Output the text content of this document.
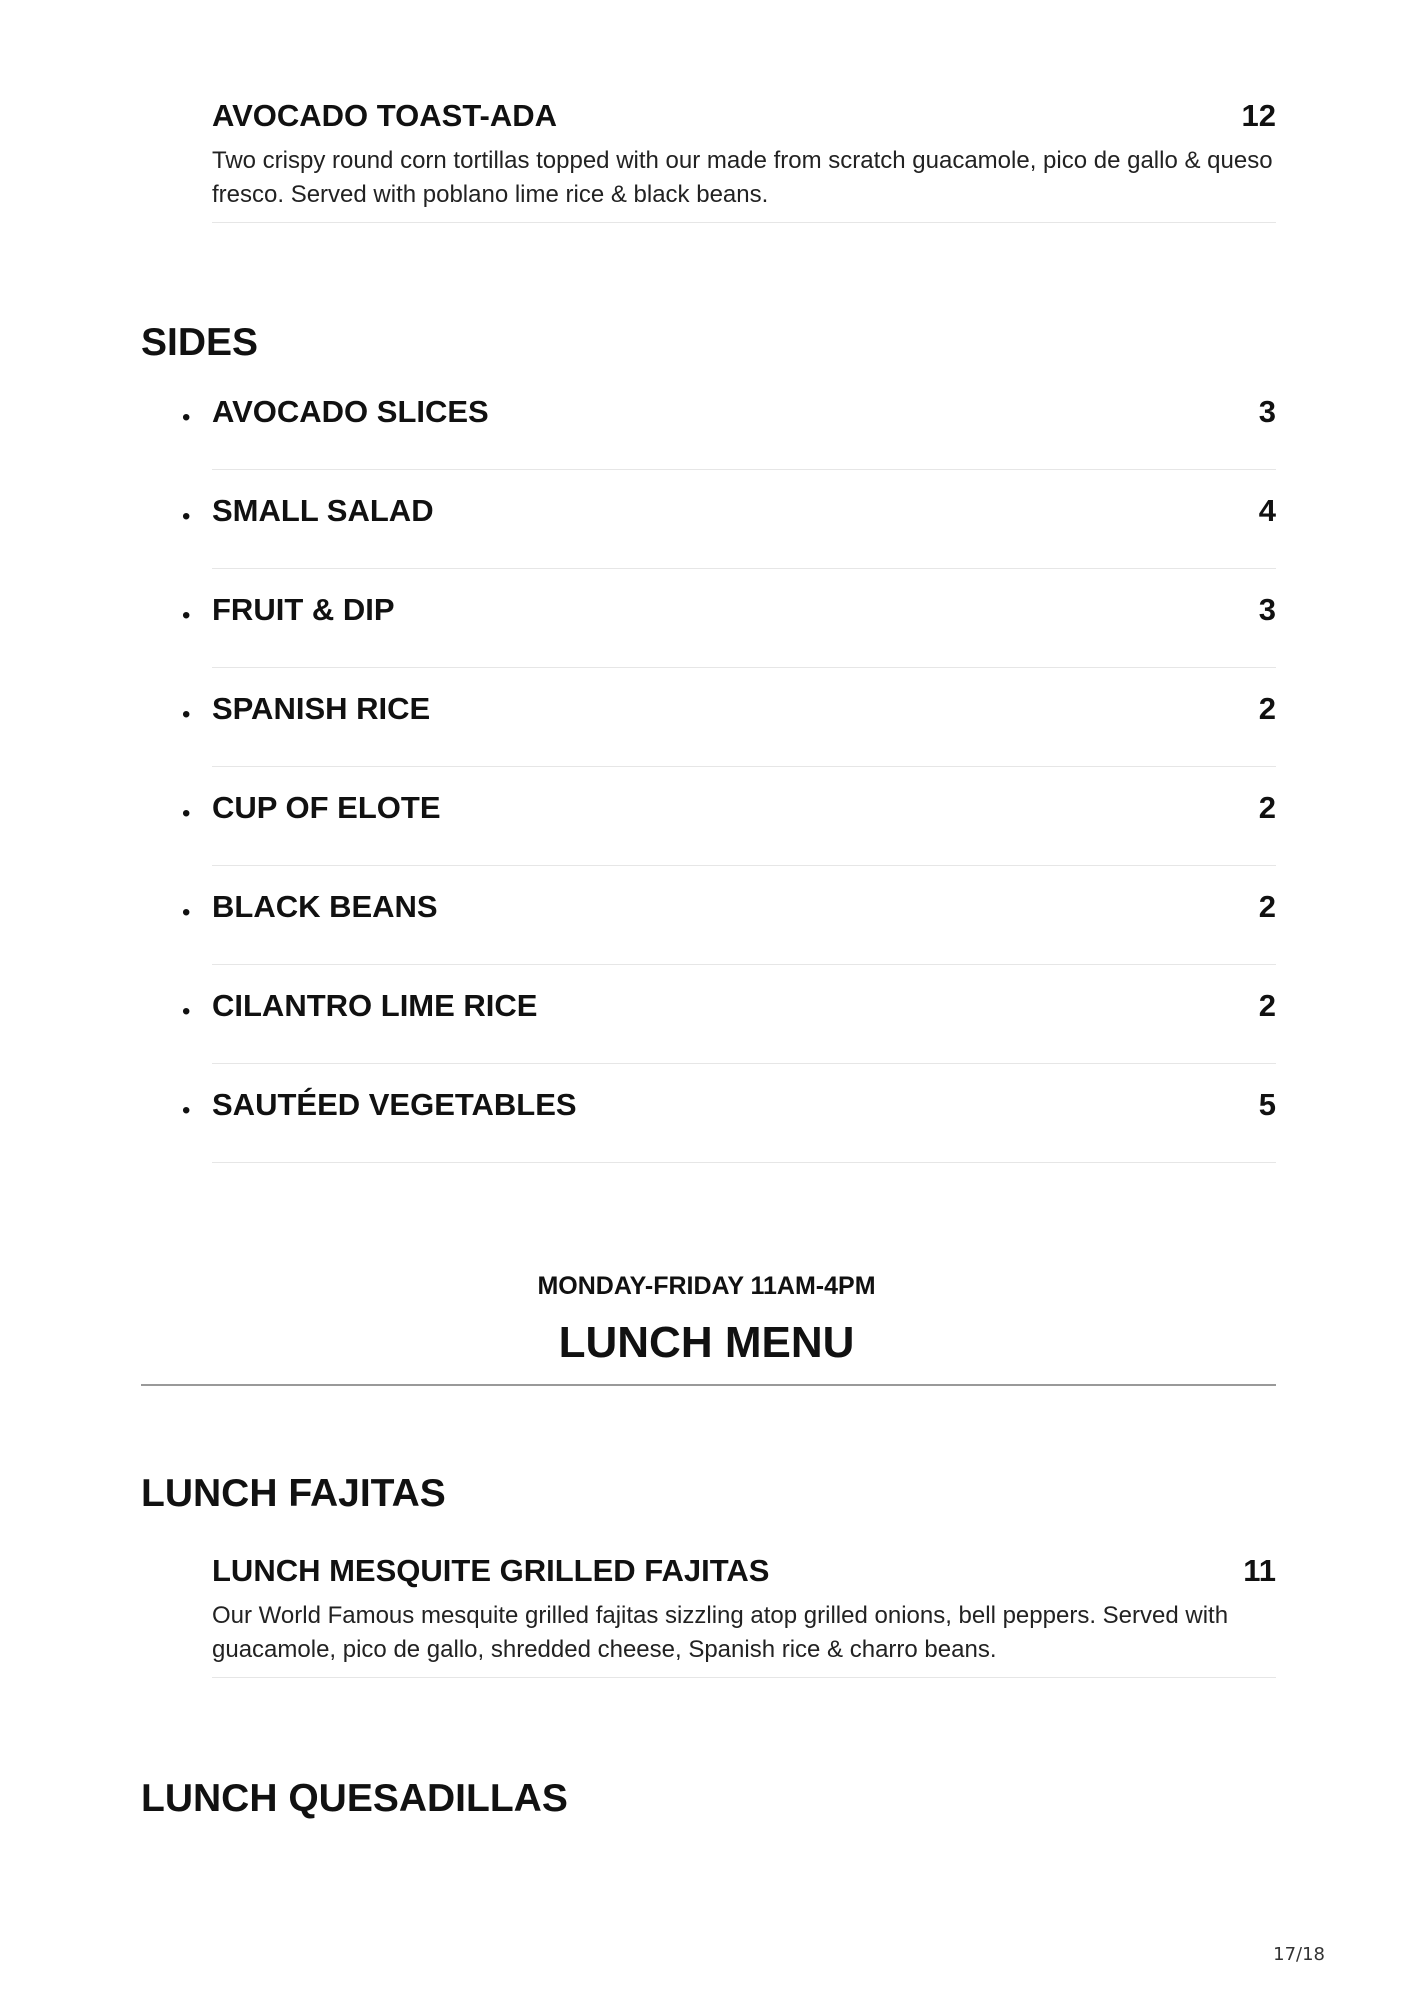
AVOCADO TOAST-ADA	12
Two crispy round corn tortillas topped with our made from scratch guacamole, pico de gallo & queso fresco. Served with poblano lime rice & black beans.
SIDES
• AVOCADO SLICES	3
• SMALL SALAD	4
• FRUIT & DIP	3
• SPANISH RICE	2
• CUP OF ELOTE	2
• BLACK BEANS	2
• CILANTRO LIME RICE	2
• SAUTÉED VEGETABLES	5

MONDAY-FRIDAY 11AM-4PM

LUNCH MENU
LUNCH FAJITAS
LUNCH MESQUITE GRILLED FAJITAS	11
Our World Famous mesquite grilled fajitas sizzling atop grilled onions, bell peppers. Served with guacamole, pico de gallo, shredded cheese, Spanish rice & charro beans.
LUNCH QUESADILLAS
17/18
